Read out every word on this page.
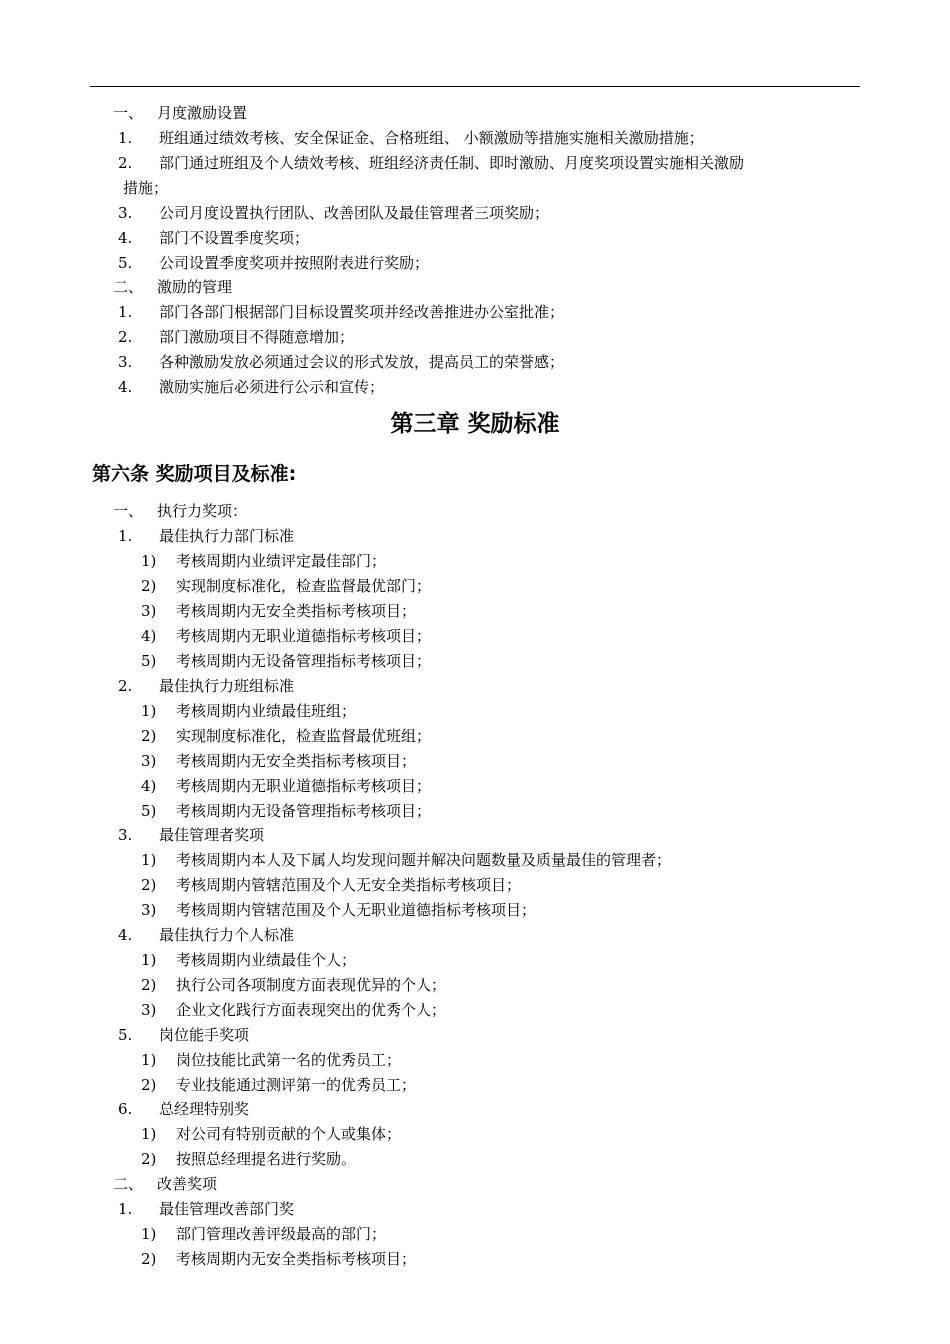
一、 月度激励设置
1. 班组通过绩效考核、安全保证金、合格班组、 小额激励等措施实施相关激励措施；
2. 部门通过班组及个人绩效考核、班组经济责任制、即时激励、月度奖项设置实施相关激励
措施；
3. 公司月度设置执行团队、改善团队及最佳管理者三项奖励；
4. 部门不设置季度奖项；
5. 公司设置季度奖项并按照附表进行奖励；
二、 激励的管理
1. 部门各部门根据部门目标设置奖项并经改善推进办公室批准；
2. 部门激励项目不得随意增加；
3. 各种激励发放必须通过会议的形式发放，提高员工的荣誉感；
4. 激励实施后必须进行公示和宣传；
第三章 奖励标准
第六条 奖励项目及标准:
一、 执行力奖项：
1. 最佳执行力部门标准
1) 考核周期内业绩评定最佳部门；
2) 实现制度标准化，检查监督最优部门；
3) 考核周期内无安全类指标考核项目；
4) 考核周期内无职业道德指标考核项目；
5) 考核周期内无设备管理指标考核项目；
2. 最佳执行力班组标准
1) 考核周期内业绩最佳班组；
2) 实现制度标准化，检查监督最优班组；
3) 考核周期内无安全类指标考核项目；
4) 考核周期内无职业道德指标考核项目；
5) 考核周期内无设备管理指标考核项目；
3. 最佳管理者奖项
1) 考核周期内本人及下属人均发现问题并解决问题数量及质量最佳的管理者；
2) 考核周期内管辖范围及个人无安全类指标考核项目；
3) 考核周期内管辖范围及个人无职业道德指标考核项目；
4. 最佳执行力个人标准
1) 考核周期内业绩最佳个人；
2) 执行公司各项制度方面表现优异的个人；
3) 企业文化践行方面表现突出的优秀个人；
5. 岗位能手奖项
1) 岗位技能比武第一名的优秀员工；
2) 专业技能通过测评第一的优秀员工；
6. 总经理特别奖
1) 对公司有特别贡献的个人或集体；
2) 按照总经理提名进行奖励。
二、 改善奖项
1. 最佳管理改善部门奖
1) 部门管理改善评级最高的部门；
2) 考核周期内无安全类指标考核项目；
